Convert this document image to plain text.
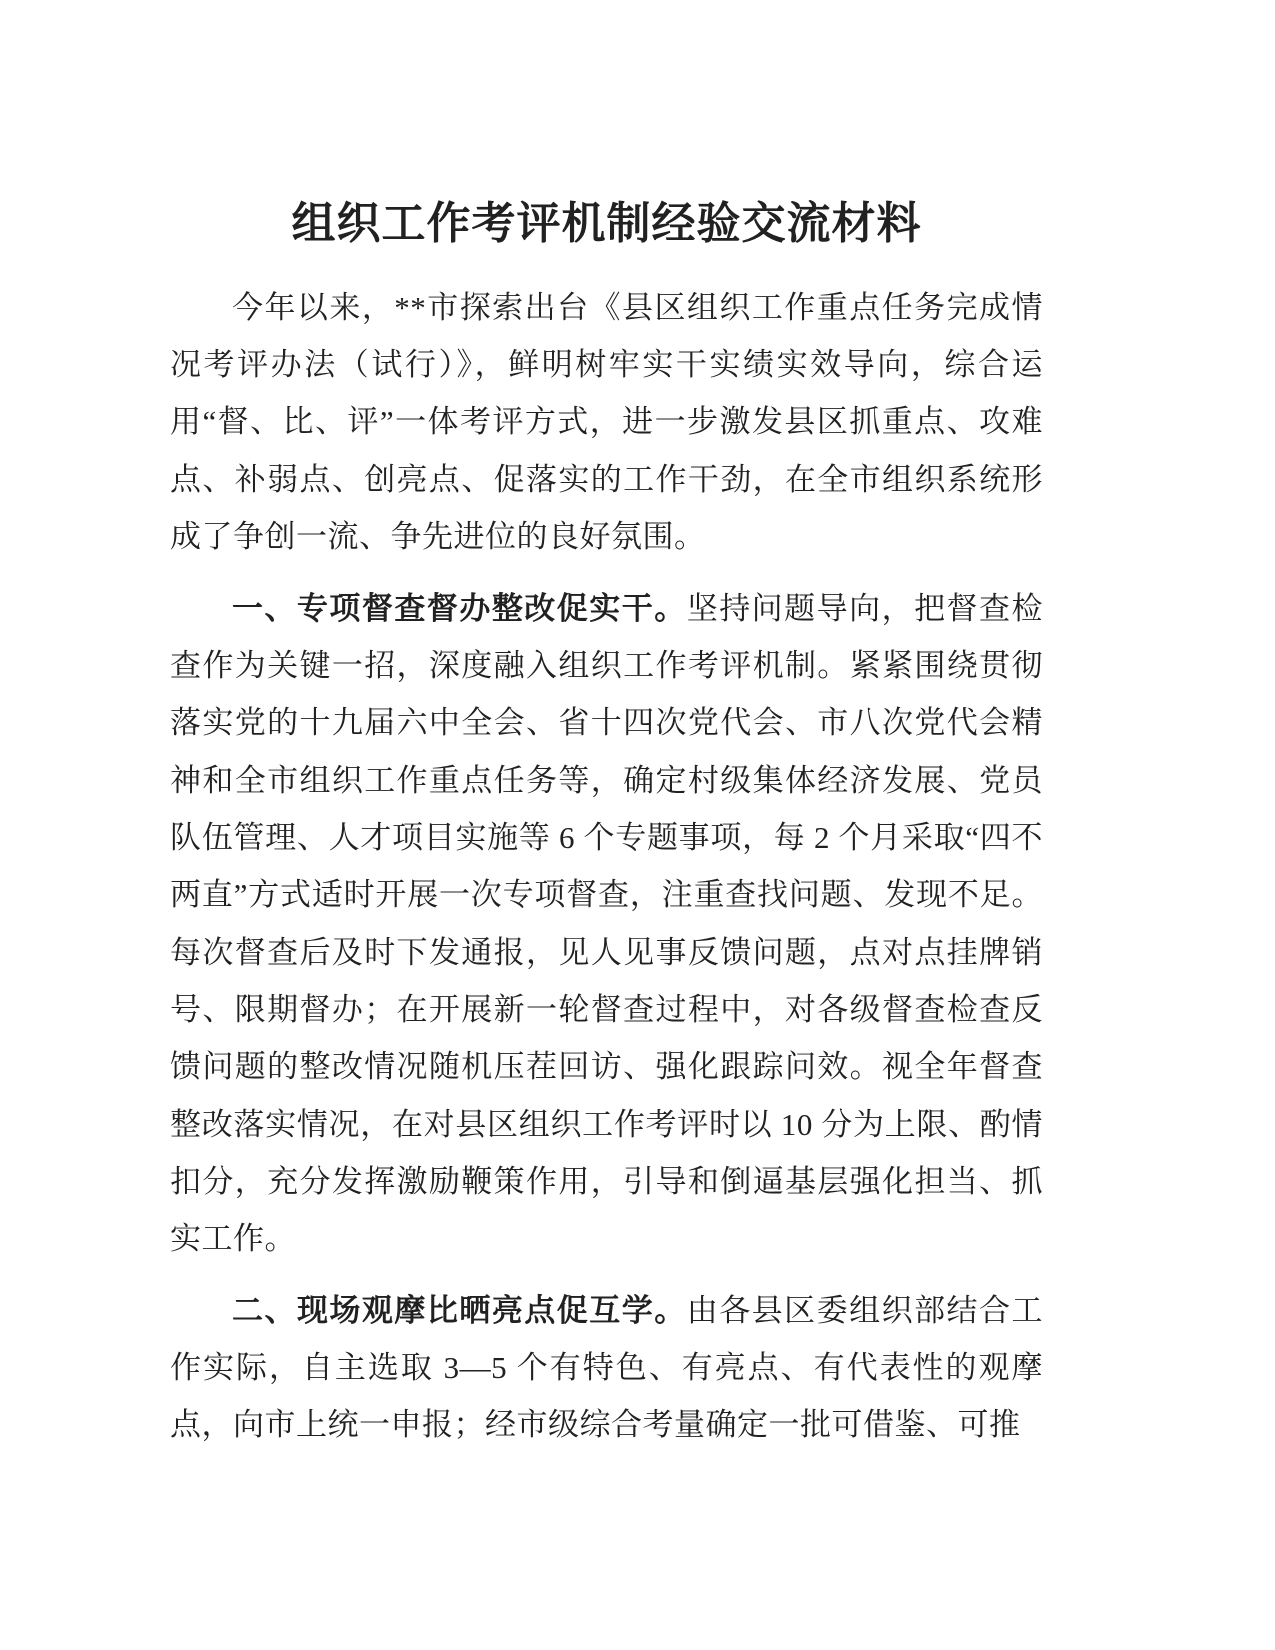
组织工作考评机制经验交流材料

今年以来，**市探索出台《县区组织工作重点任务完成情况考评办法（试行）》，鲜明树牢实干实绩实效导向，综合运用“督、比、评”一体考评方式，进一步激发县区抓重点、攻难点、补弱点、创亮点、促落实的工作干劲，在全市组织系统形成了争创一流、争先进位的良好氛围。

一、专项督查督办整改促实干。坚持问题导向，把督查检查作为关键一招，深度融入组织工作考评机制。紧紧围绕贯彻落实党的十九届六中全会、省十四次党代会、市八次党代会精神和全市组织工作重点任务等，确定村级集体经济发展、党员队伍管理、人才项目实施等 6 个专题事项，每 2 个月采取“四不两直”方式适时开展一次专项督查，注重查找问题、发现不足。每次督查后及时下发通报，见人见事反馈问题，点对点挂牌销号、限期督办；在开展新一轮督查过程中，对各级督查检查反馈问题的整改情况随机压茬回访、强化跟踪问效。视全年督查整改落实情况，在对县区组织工作考评时以 10 分为上限、酌情扣分，充分发挥激励鞭策作用，引导和倒逼基层强化担当、抓实工作。

二、现场观摩比晒亮点促互学。由各县区委组织部结合工作实际，自主选取 3—5 个有特色、有亮点、有代表性的观摩点，向市上统一申报；经市级综合考量确定一批可借鉴、可推
